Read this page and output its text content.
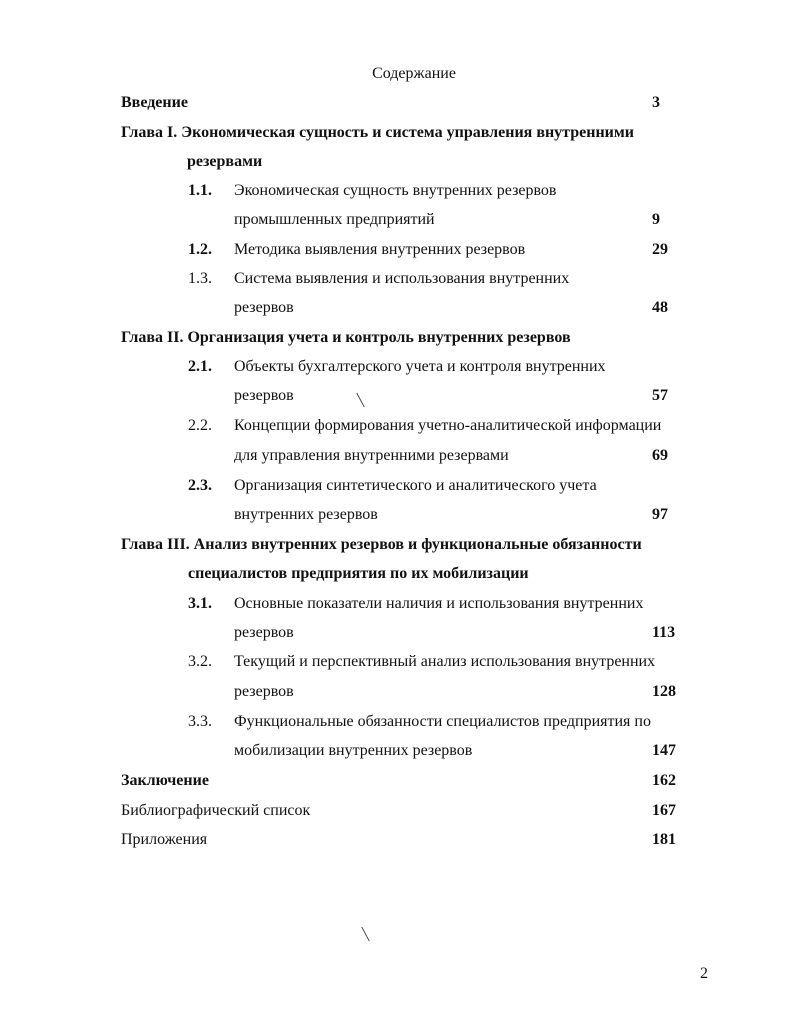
Содержание
Введение	3
Глава I. Экономическая сущность и система управления внутренними
резервами
1.1. Экономическая сущность внутренних резервов
промышленных предприятий	9
1.2. Методика выявления внутренних резервов	29
1.3. Система выявления и использования внутренних
резервов	48
Глава II. Организация учета и контроль внутренних резервов
2.1. Объекты бухгалтерского учета и контроля внутренних
резервов	57
2.2. Концепции формирования учетно-аналитической информации
для управления внутренними резервами	69
2.3. Организация синтетического и аналитического учета
внутренних резервов	97
Глава III. Анализ внутренних резервов и функциональные обязанности
специалистов предприятия по их мобилизации
3.1. Основные показатели наличия и использования внутренних
резервов	113
3.2. Текущий и перспективный анализ использования внутренних
резервов	128
3.3. Функциональные обязанности специалистов предприятия по
мобилизации внутренних резервов	147
Заключение	162
Библиографический список	167
Приложения	181
2
